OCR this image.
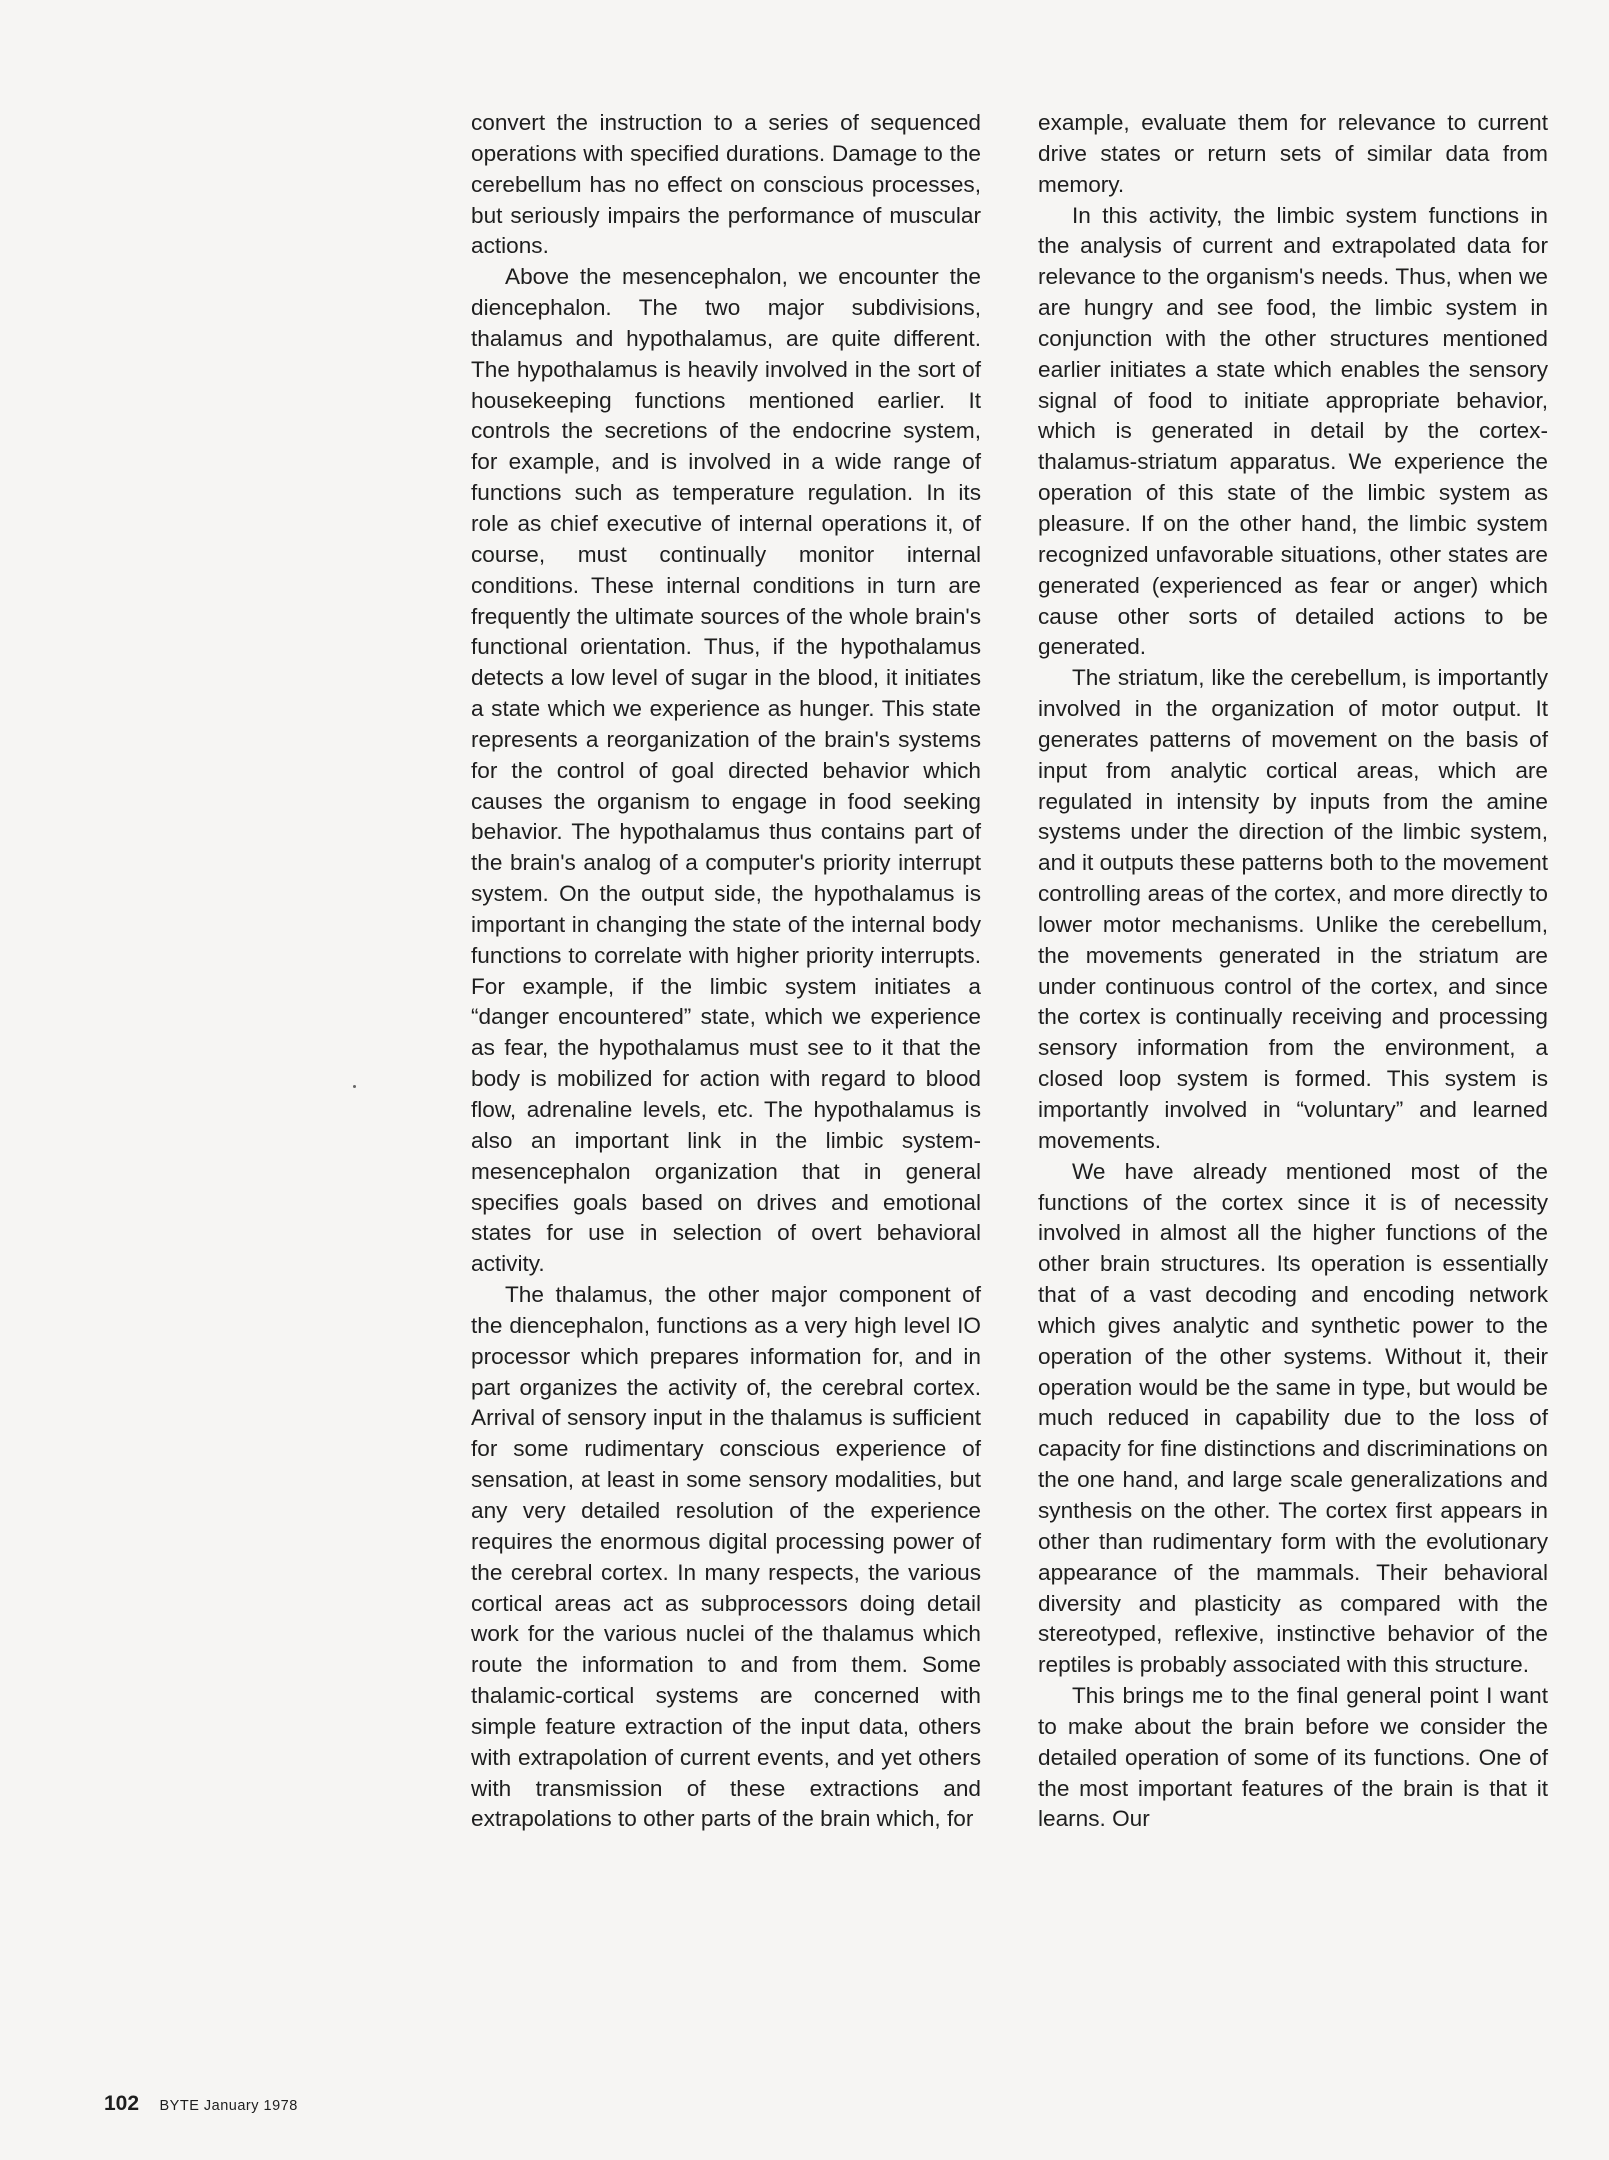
convert the instruction to a series of sequenced operations with specified durations. Damage to the cerebellum has no effect on conscious processes, but seriously impairs the performance of muscular actions.

Above the mesencephalon, we encounter the diencephalon. The two major subdivisions, thalamus and hypothalamus, are quite different. The hypothalamus is heavily involved in the sort of housekeeping functions mentioned earlier. It controls the secretions of the endocrine system, for example, and is involved in a wide range of functions such as temperature regulation. In its role as chief executive of internal operations it, of course, must continually monitor internal conditions. These internal conditions in turn are frequently the ultimate sources of the whole brain's functional orientation. Thus, if the hypothalamus detects a low level of sugar in the blood, it initiates a state which we experience as hunger. This state represents a reorganization of the brain's systems for the control of goal directed behavior which causes the organism to engage in food seeking behavior. The hypothalamus thus contains part of the brain's analog of a computer's priority interrupt system. On the output side, the hypothalamus is important in changing the state of the internal body functions to correlate with higher priority interrupts. For example, if the limbic system initiates a “danger encountered” state, which we experience as fear, the hypothalamus must see to it that the body is mobilized for action with regard to blood flow, adrenaline levels, etc. The hypothalamus is also an important link in the limbic system-mesencephalon organization that in general specifies goals based on drives and emotional states for use in selection of overt behavioral activity.

The thalamus, the other major component of the diencephalon, functions as a very high level IO processor which prepares information for, and in part organizes the activity of, the cerebral cortex. Arrival of sensory input in the thalamus is sufficient for some rudimentary conscious experience of sensation, at least in some sensory modalities, but any very detailed resolution of the experience requires the enormous digital processing power of the cerebral cortex. In many respects, the various cortical areas act as subprocessors doing detail work for the various nuclei of the thalamus which route the information to and from them. Some thalamic-cortical systems are concerned with simple feature extraction of the input data, others with extrapolation of current events, and yet others with transmission of these extractions and extrapolations to other parts of the brain which, for

example, evaluate them for relevance to current drive states or return sets of similar data from memory.

In this activity, the limbic system functions in the analysis of current and extrapolated data for relevance to the organism's needs. Thus, when we are hungry and see food, the limbic system in conjunction with the other structures mentioned earlier initiates a state which enables the sensory signal of food to initiate appropriate behavior, which is generated in detail by the cortex-thalamus-striatum apparatus. We experience the operation of this state of the limbic system as pleasure. If on the other hand, the limbic system recognized unfavorable situations, other states are generated (experienced as fear or anger) which cause other sorts of detailed actions to be generated.

The striatum, like the cerebellum, is importantly involved in the organization of motor output. It generates patterns of movement on the basis of input from analytic cortical areas, which are regulated in intensity by inputs from the amine systems under the direction of the limbic system, and it outputs these patterns both to the movement controlling areas of the cortex, and more directly to lower motor mechanisms. Unlike the cerebellum, the movements generated in the striatum are under continuous control of the cortex, and since the cortex is continually receiving and processing sensory information from the environment, a closed loop system is formed. This system is importantly involved in “voluntary” and learned movements.

We have already mentioned most of the functions of the cortex since it is of necessity involved in almost all the higher functions of the other brain structures. Its operation is essentially that of a vast decoding and encoding network which gives analytic and synthetic power to the operation of the other systems. Without it, their operation would be the same in type, but would be much reduced in capability due to the loss of capacity for fine distinctions and discriminations on the one hand, and large scale generalizations and synthesis on the other. The cortex first appears in other than rudimentary form with the evolutionary appearance of the mammals. Their behavioral diversity and plasticity as compared with the stereotyped, reflexive, instinctive behavior of the reptiles is probably associated with this structure.

This brings me to the final general point I want to make about the brain before we consider the detailed operation of some of its functions. One of the most important features of the brain is that it learns. Our

102 BYTE January 1978
